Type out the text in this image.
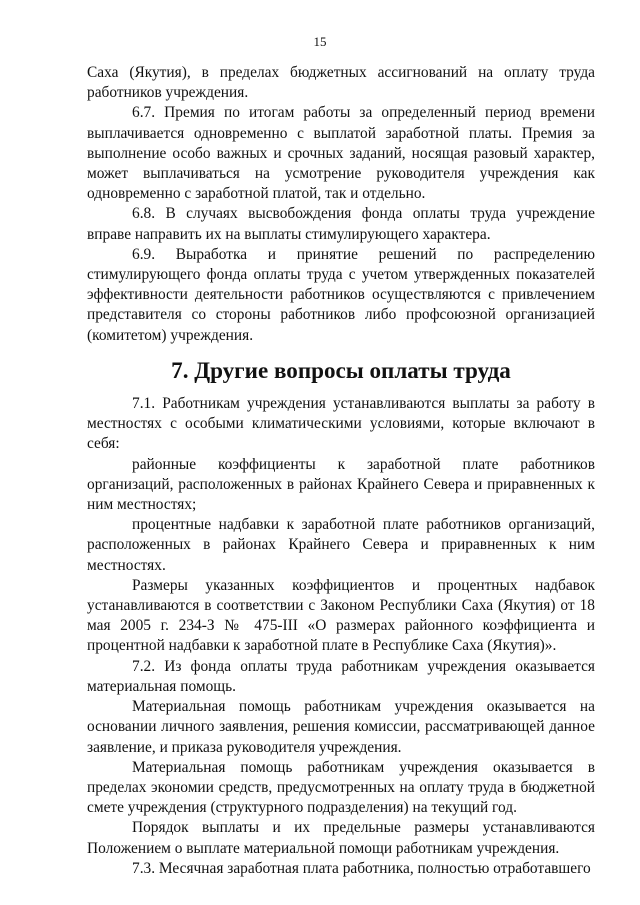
15

Саха (Якутия), в пределах бюджетных ассигнований на оплату труда работников учреждения.

6.7. Премия по итогам работы за определенный период времени выплачивается одновременно с выплатой заработной платы. Премия за выполнение особо важных и срочных заданий, носящая разовый характер, может выплачиваться на усмотрение руководителя учреждения как одновременно с заработной платой, так и отдельно.

6.8. В случаях высвобождения фонда оплаты труда учреждение вправе направить их на выплаты стимулирующего характера.

6.9. Выработка и принятие решений по распределению стимулирующего фонда оплаты труда с учетом утвержденных показателей эффективности деятельности работников осуществляются с привлечением представителя со стороны работников либо профсоюзной организацией (комитетом) учреждения.

7. Другие вопросы оплаты труда

7.1. Работникам учреждения устанавливаются выплаты за работу в местностях с особыми климатическими условиями, которые включают в себя:

районные коэффициенты к заработной плате работников организаций, расположенных в районах Крайнего Севера и приравненных к ним местностях;

процентные надбавки к заработной плате работников организаций, расположенных в районах Крайнего Севера и приравненных к ним местностях.

Размеры указанных коэффициентов и процентных надбавок устанавливаются в соответствии с Законом Республики Саха (Якутия) от 18 мая 2005 г. 234-З № 475-III «О размерах районного коэффициента и процентной надбавки к заработной плате в Республике Саха (Якутия)».

7.2. Из фонда оплаты труда работникам учреждения оказывается материальная помощь.

Материальная помощь работникам учреждения оказывается на основании личного заявления, решения комиссии, рассматривающей данное заявление, и приказа руководителя учреждения.

Материальная помощь работникам учреждения оказывается в пределах экономии средств, предусмотренных на оплату труда в бюджетной смете учреждения (структурного подразделения) на текущий год.

Порядок выплаты и их предельные размеры устанавливаются Положением о выплате материальной помощи работникам учреждения.

7.3. Месячная заработная плата работника, полностью отработавшего
